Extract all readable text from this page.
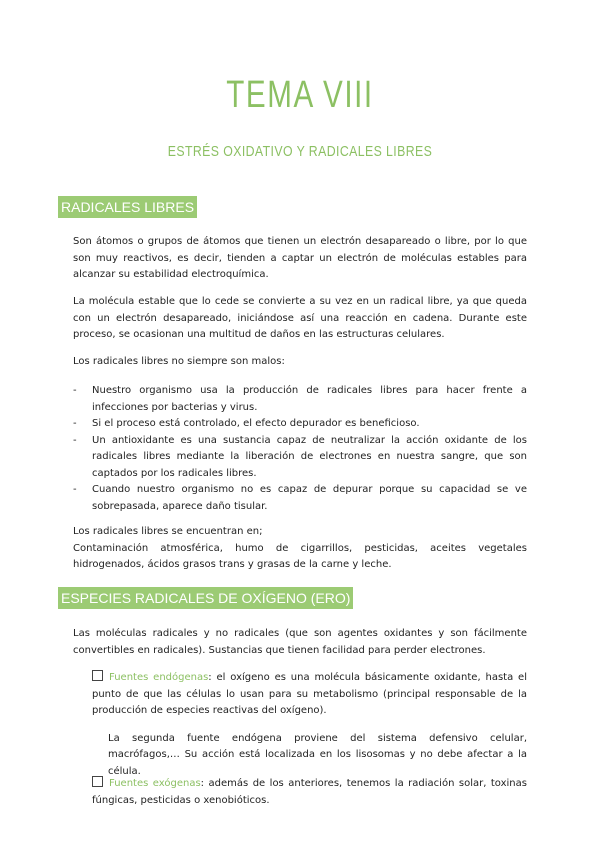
TEMA VIII
ESTRÉS OXIDATIVO Y RADICALES LIBRES
RADICALES LIBRES
Son átomos o grupos de átomos que tienen un electrón desapareado o libre, por lo que son muy reactivos, es decir, tienden a captar un electrón de moléculas estables para alcanzar su estabilidad electroquímica.
La molécula estable que lo cede se convierte a su vez en un radical libre, ya que queda con un electrón desapareado, iniciándose así una reacción en cadena. Durante este proceso, se ocasionan una multitud de daños en las estructuras celulares.
Los radicales libres no siempre son malos:
- Nuestro organismo usa la producción de radicales libres para hacer frente a infecciones por bacterias y virus.
- Si el proceso está controlado, el efecto depurador es beneficioso.
- Un antioxidante es una sustancia capaz de neutralizar la acción oxidante de los radicales libres mediante la liberación de electrones en nuestra sangre, que son captados por los radicales libres.
- Cuando nuestro organismo no es capaz de depurar porque su capacidad se ve sobrepasada, aparece daño tisular.
Los radicales libres se encuentran en;
Contaminación atmosférica, humo de cigarrillos, pesticidas, aceites vegetales hidrogenados, ácidos grasos trans y grasas de la carne y leche.
ESPECIES RADICALES DE OXÍGENO (ERO)
Las moléculas radicales y no radicales (que son agentes oxidantes y son fácilmente convertibles en radicales). Sustancias que tienen facilidad para perder electrones.
Fuentes endógenas: el oxígeno es una molécula básicamente oxidante, hasta el punto de que las células lo usan para su metabolismo (principal responsable de la producción de especies reactivas del oxígeno).
La segunda fuente endógena proviene del sistema defensivo celular, macrófagos,… Su acción está localizada en los lisosomas y no debe afectar a la célula.
Fuentes exógenas: además de los anteriores, tenemos la radiación solar, toxinas fúngicas, pesticidas o xenobióticos.
